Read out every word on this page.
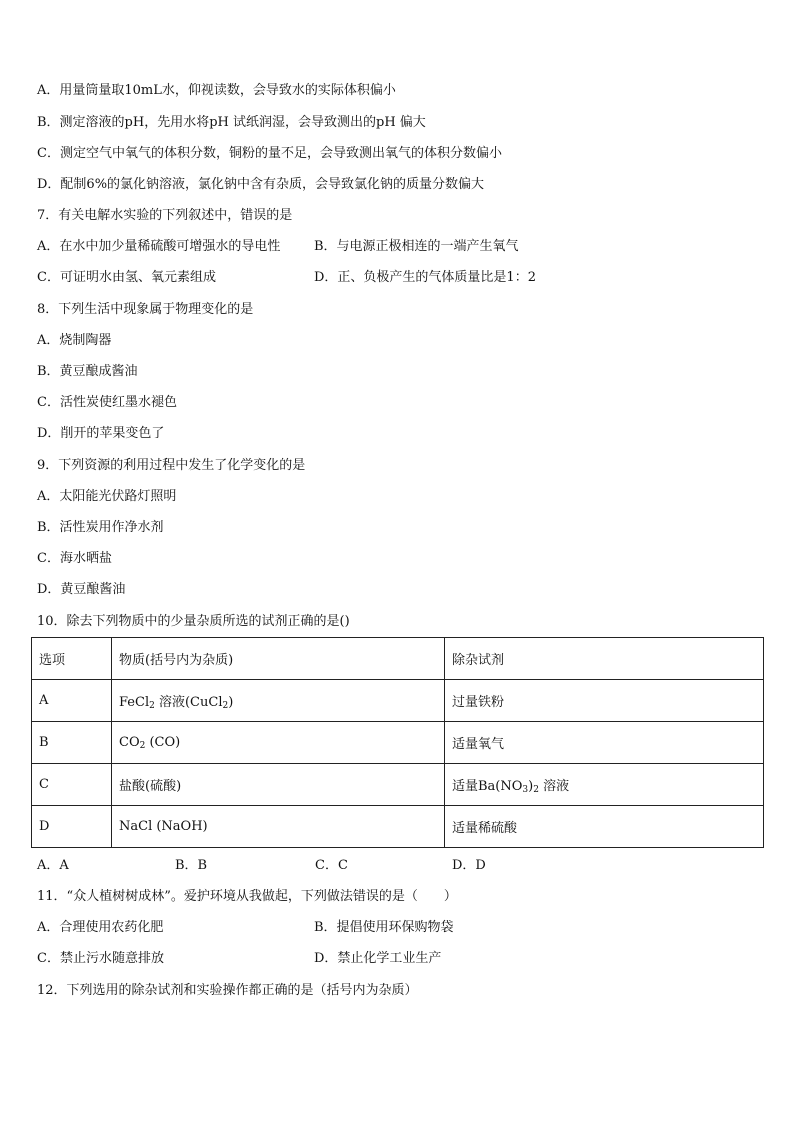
A．用量筒量取10mL水，仰视读数，会导致水的实际体积偏小
B．测定溶液的pH，先用水将pH 试纸润湿，会导致测出的pH 偏大
C．测定空气中氧气的体积分数，铜粉的量不足，会导致测出氧气的体积分数偏小
D．配制6%的氯化钠溶液，氯化钠中含有杂质，会导致氯化钠的质量分数偏大
7．有关电解水实验的下列叙述中，错误的是
A．在水中加少量稀硫酸可增强水的导电性	B．与电源正极相连的一端产生氧气
C．可证明水由氢、氧元素组成	D．正、负极产生的气体质量比是1：2
8．下列生活中现象属于物理变化的是
A．烧制陶器
B．黄豆酿成酱油
C．活性炭使红墨水褪色
D．削开的苹果变色了
9．下列资源的利用过程中发生了化学变化的是
A．太阳能光伏路灯照明
B．活性炭用作净水剂
C．海水晒盐
D．黄豆酿酱油
10．除去下列物质中的少量杂质所选的试剂正确的是()
选项	物质(括号内为杂质)	除杂试剂
A	FeCl$_2$ 溶液(CuCl$_2$)	过量铁粉
B	$CO_2$ (CO)	适量氧气
C	盐酸(硫酸)	适量$Ba(NO_3)_2$ 溶液
D	NaCl (NaOH)	适量稀硫酸
A．A	B．B	C．C	D．D
11．“众人植树树成林”。爱护环境从我做起，下列做法错误的是（　　）
A．合理使用农药化肥	B．提倡使用环保购物袋
C．禁止污水随意排放	D．禁止化学工业生产
12．下列选用的除杂试剂和实验操作都正确的是（括号内为杂质）
